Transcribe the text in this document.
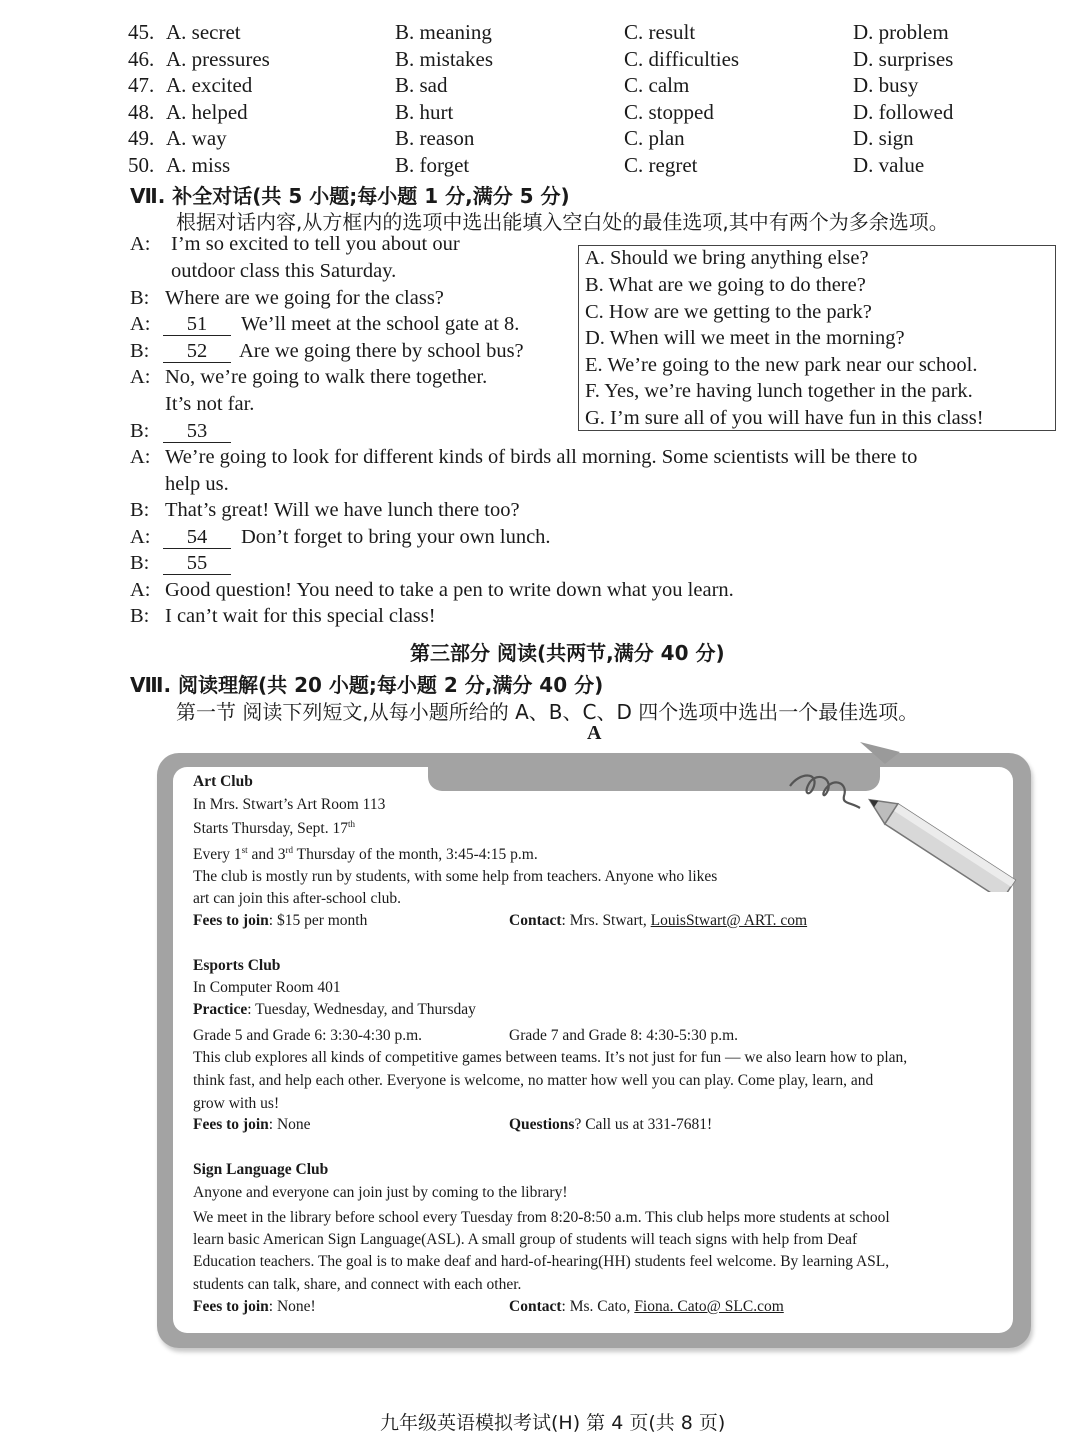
45. A. secret	B. meaning	C. result	D. problem
46. A. pressures	B. mistakes	C. difficulties	D. surprises
47. A. excited	B. sad	C. calm	D. busy
48. A. helped	B. hurt	C. stopped	D. followed
49. A. way	B. reason	C. plan	D. sign
50. A. miss	B. forget	C. regret	D. value
Ⅶ. 补全对话(共 5 小题;每小题 1 分,满分 5 分)
根据对话内容,从方框内的选项中选出能填入空白处的最佳选项,其中有两个为多余选项。
A. Should we bring anything else?
B. What are we going to do there?
C. How are we getting to the park?
D. When will we meet in the morning?
E. We’re going to the new park near our school.
F. Yes, we’re having lunch together in the park.
G. I’m sure all of you will have fun in this class!
A: I’m so excited to tell you about our
outdoor class this Saturday.
B: Where are we going for the class?
A:	51	We’ll meet at the school gate at 8.
B:	52	Are we going there by school bus?
A: No, we’re going to walk there together.
It’s not far.
B:	53
A: We’re going to look for different kinds of birds all morning. Some scientists will be there to
help us.
B: That’s great! Will we have lunch there too?
A:	54	Don’t forget to bring your own lunch.
B:	55
A: Good question! You need to take a pen to write down what you learn.
B: I can’t wait for this special class!
第三部分 阅读(共两节,满分 40 分)
Ⅷ. 阅读理解(共 20 小题;每小题 2 分,满分 40 分)
第一节 阅读下列短文,从每小题所给的 A、B、C、D 四个选项中选出一个最佳选项。
A
Art Club
In Mrs. Stwart’s Art Room 113
Starts Thursday, Sept. 17th
Every 1st and 3rd Thursday of the month, 3:45-4:15 p.m.
The club is mostly run by students, with some help from teachers. Anyone who likes
art can join this after-school club.
Fees to join: $15 per month	Contact: Mrs. Stwart, LouisStwart@ ART. com
Esports Club
In Computer Room 401
Practice: Tuesday, Wednesday, and Thursday
Grade 5 and Grade 6: 3:30-4:30 p.m.	Grade 7 and Grade 8: 4:30-5:30 p.m.
This club explores all kinds of competitive games between teams. It’s not just for fun — we also learn how to plan,
think fast, and help each other. Everyone is welcome, no matter how well you can play. Come play, learn, and
grow with us!
Fees to join: None	Questions? Call us at 331-7681!
Sign Language Club
Anyone and everyone can join just by coming to the library!
We meet in the library before school every Tuesday from 8:20-8:50 a.m. This club helps more students at school
learn basic American Sign Language(ASL). A small group of students will teach signs with help from Deaf
Education teachers. The goal is to make deaf and hard-of-hearing(HH) students feel welcome. By learning ASL,
students can talk, share, and connect with each other.
Fees to join: None!	Contact: Ms. Cato, Fiona. Cato@ SLC.com
九年级英语模拟考试(H) 第 4 页(共 8 页)
